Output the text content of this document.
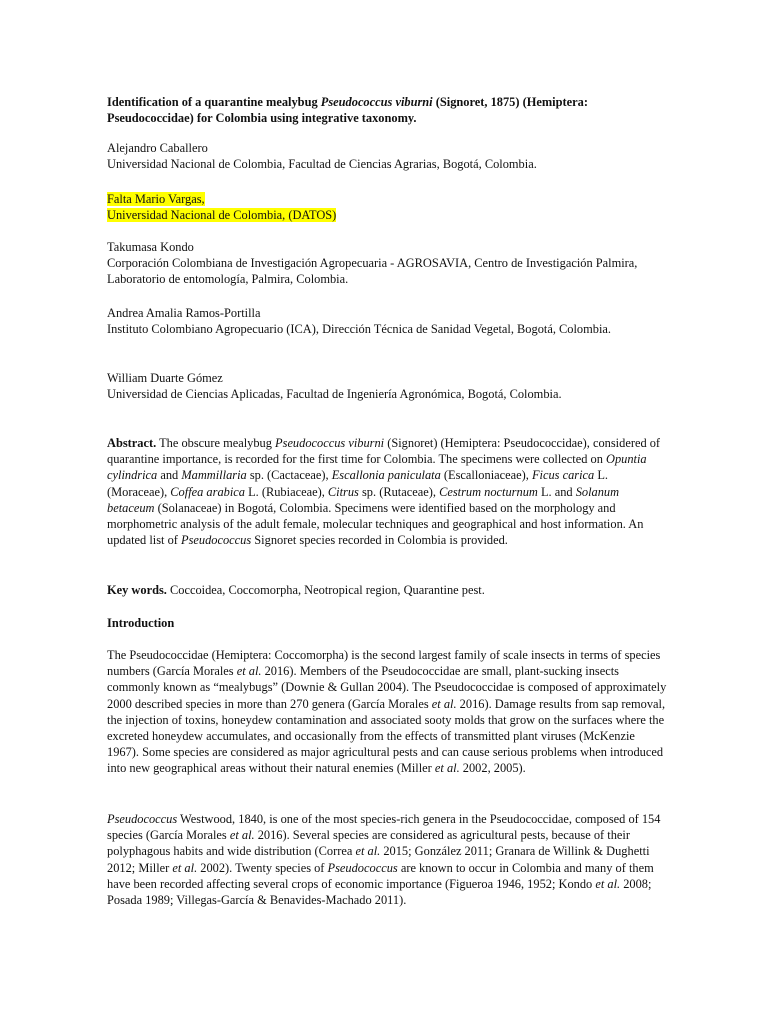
Identification of a quarantine mealybug Pseudococcus viburni (Signoret, 1875) (Hemiptera: Pseudococcidae) for Colombia using integrative taxonomy.

Alejandro Caballero
Universidad Nacional de Colombia, Facultad de Ciencias Agrarias, Bogotá, Colombia.
Falta Mario Vargas,
Universidad Nacional de Colombia, (DATOS)
Takumasa Kondo
Corporación Colombiana de Investigación Agropecuaria - AGROSAVIA, Centro de Investigación Palmira, Laboratorio de entomología, Palmira, Colombia.
Andrea Amalia Ramos-Portilla
Instituto Colombiano Agropecuario (ICA), Dirección Técnica de Sanidad Vegetal, Bogotá, Colombia.
William Duarte Gómez
Universidad de Ciencias Aplicadas, Facultad de Ingeniería Agronómica, Bogotá, Colombia.

Abstract. The obscure mealybug Pseudococcus viburni (Signoret) (Hemiptera: Pseudococcidae), considered of quarantine importance, is recorded for the first time for Colombia. The specimens were collected on Opuntia cylindrica and Mammillaria sp. (Cactaceae), Escallonia paniculata (Escalloniaceae), Ficus carica L. (Moraceae), Coffea arabica L. (Rubiaceae), Citrus sp. (Rutaceae), Cestrum nocturnum L. and Solanum betaceum (Solanaceae) in Bogotá, Colombia. Specimens were identified based on the morphology and morphometric analysis of the adult female, molecular techniques and geographical and host information. An updated list of Pseudococcus Signoret species recorded in Colombia is provided.

Key words. Coccoidea, Coccomorpha, Neotropical region, Quarantine pest.

Introduction

The Pseudococcidae (Hemiptera: Coccomorpha) is the second largest family of scale insects in terms of species numbers (García Morales et al. 2016). Members of the Pseudococcidae are small, plant-sucking insects commonly known as “mealybugs” (Downie & Gullan 2004). The Pseudococcidae is composed of approximately 2000 described species in more than 270 genera (García Morales et al. 2016). Damage results from sap removal, the injection of toxins, honeydew contamination and associated sooty molds that grow on the surfaces where the excreted honeydew accumulates, and occasionally from the effects of transmitted plant viruses (McKenzie 1967). Some species are considered as major agricultural pests and can cause serious problems when introduced into new geographical areas without their natural enemies (Miller et al. 2002, 2005).

Pseudococcus Westwood, 1840, is one of the most species-rich genera in the Pseudococcidae, composed of 154 species (García Morales et al. 2016). Several species are considered as agricultural pests, because of their polyphagous habits and wide distribution (Correa et al. 2015; González 2011; Granara de Willink & Dughetti 2012; Miller et al. 2002). Twenty species of Pseudococcus are known to occur in Colombia and many of them have been recorded affecting several crops of economic importance (Figueroa 1946, 1952; Kondo et al. 2008; Posada 1989; Villegas-García & Benavides-Machado 2011).
